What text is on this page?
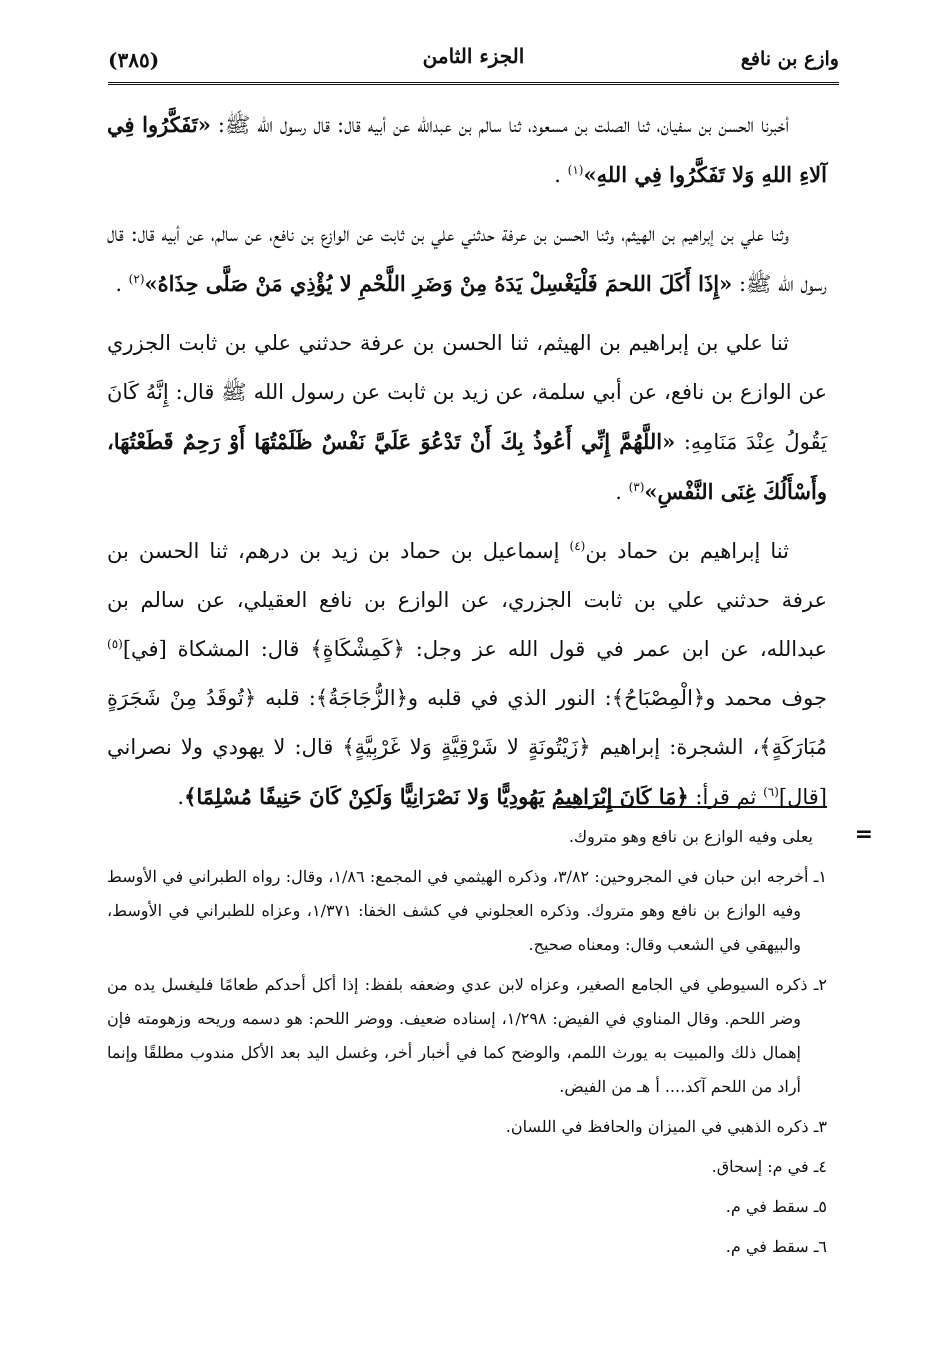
وازع بن نافع
الجزء الثامن
(٣٨٥)

أخبرنا الحسن بن سفيان، ثنا الصلت بن مسعود، ثنا سالم بن عبدالله عن أبيه قال: قال رسول الله ﷺ: «تَفَكَّرُوا فِي آلاءِ اللهِ وَلا تَفَكَّرُوا فِي اللهِ»$^{(١)}$ .

وثنا علي بن إبراهيم بن الهيثم، وثنا الحسن بن عرفة حدثني علي بن ثابت عن الوازع بن نافع، عن سالم، عن أبيه قال: قال رسول الله ﷺ: «إِذَا أَكَلَ اللحمَ فَلْيَغْسِلْ يَدَهُ مِنْ وَضَرِ اللَّحْمِ لا يُؤْذِي مَنْ صَلَّى حِذَاهُ»$^{(٢)}$ .

ثنا علي بن إبراهيم بن الهيثم، ثنا الحسن بن عرفة حدثني علي بن ثابت الجزري عن الوازع بن نافع، عن أبي سلمة، عن زيد بن ثابت عن رسول الله ﷺ قال: إِنَّهُ كَانَ يَقُولُ عِنْدَ مَنَامِهِ: «اللَّهُمَّ إِنِّي أَعُوذُ بِكَ أَنْ تَدْعُوَ عَلَيَّ نَفْسٌ ظَلَمْتُهَا أَوْ رَحِمٌ قَطَعْتُهَا، وأَسْأَلُكَ غِنَى النَّفْسِ»$^{(٣)}$ .

ثنا إبراهيم بن حماد بن$^{(٤)}$ إسماعيل بن حماد بن زيد بن درهم، ثنا الحسن بن عرفة حدثني علي بن ثابت الجزري، عن الوازع بن نافع العقيلي، عن سالم بن عبدالله، عن ابن عمر في قول الله عز وجل: ﴿كَمِشْكَاةٍ﴾ قال: المشكاة [في]$^{(٥)}$ جوف محمد و﴿الْمِصْبَاحُ﴾: النور الذي في قلبه و﴿الزُّجَاجَةُ﴾: قلبه ﴿تُوقَدُ مِنْ شَجَرَةٍ مُبَارَكَةٍ﴾، الشجرة: إبراهيم ﴿زَيْتُونَةٍ لا شَرْقِيَّةٍ وَلا غَرْبِيَّةٍ﴾ قال: لا يهودي ولا نصراني [قال]$^{(٦)}$ ثم قرأ: ﴿مَا كَانَ إِبْرَاهِيمُ يَهُودِيًّا وَلا نَصْرَانِيًّا وَلَكِنْ كَانَ حَنِيفًا مُسْلِمًا﴾.

=
يعلى وفيه الوازع بن نافع وهو متروك.
١ـ أخرجه ابن حبان في المجروحين: ٣/٨٢، وذكره الهيثمي في المجمع: ١/٨٦، وقال: رواه الطبراني في الأوسط وفيه الوازع بن نافع وهو متروك. وذكره العجلوني في كشف الخفا: ١/٣٧١، وعزاه للطبراني في الأوسط، والبيهقي في الشعب وقال: ومعناه صحيح.
٢ـ ذكره السيوطي في الجامع الصغير، وعزاه لابن عدي وضعفه بلفظ: إذا أكل أحدكم طعامًا فليغسل يده من وضر اللحم. وقال المناوي في الفيض: ١/٢٩٨، إسناده ضعيف. ووضر اللحم: هو دسمه وريحه وزهومته فإن إهمال ذلك والمبيت به يورث اللمم، والوضح كما في أخبار أخر، وغسل اليد بعد الأكل مندوب مطلقًا وإنما أراد من اللحم آكد.... أ هـ من الفيض.
٣ـ ذكره الذهبي في الميزان والحافظ في اللسان.
٤ـ في م: إسحاق.
٥ـ سقط في م.
٦ـ سقط في م.
